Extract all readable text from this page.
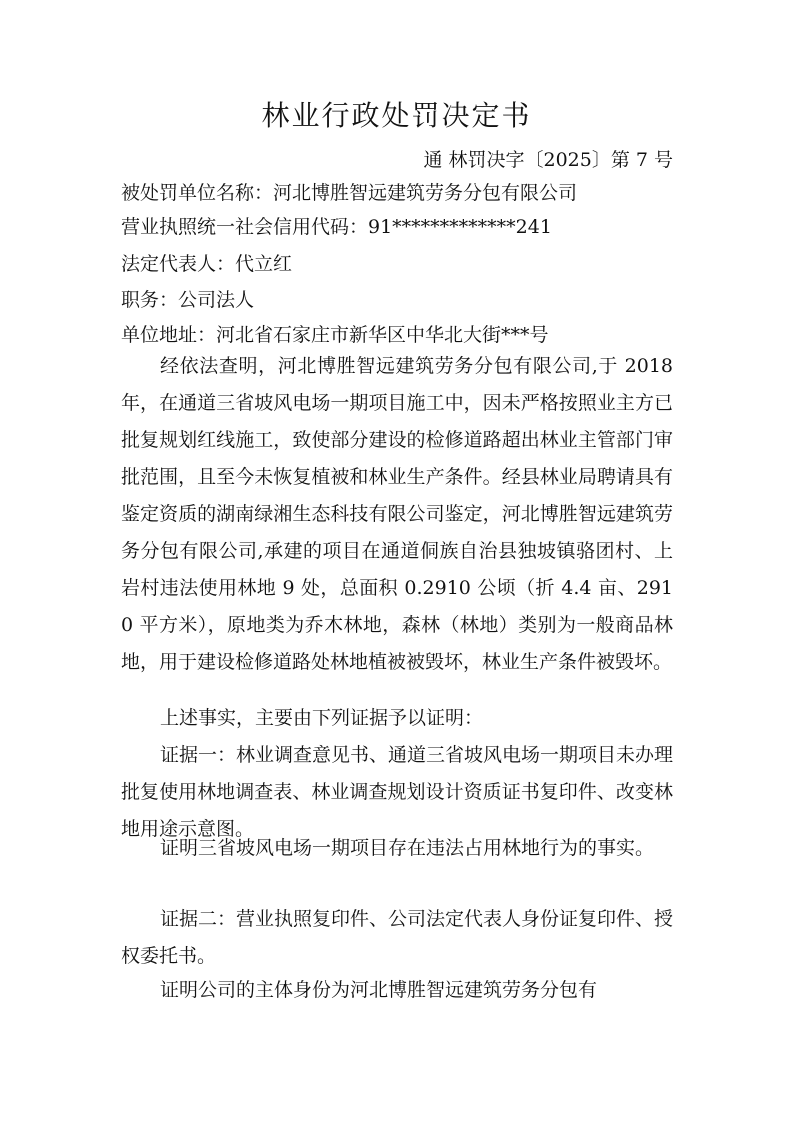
林业行政处罚决定书
通 林罚决字〔2025〕第 7 号
被处罚单位名称：河北博胜智远建筑劳务分包有限公司
营业执照统一社会信用代码：91*************241
法定代表人：代立红
职务：公司法人
单位地址：河北省石家庄市新华区中华北大街***号

经依法查明，河北博胜智远建筑劳务分包有限公司,于 2018 年，在通道三省坡风电场一期项目施工中，因未严格按照业主方已批复规划红线施工，致使部分建设的检修道路超出林业主管部门审批范围，且至今未恢复植被和林业生产条件。经县林业局聘请具有鉴定资质的湖南绿湘生态科技有限公司鉴定，河北博胜智远建筑劳务分包有限公司,承建的项目在通道侗族自治县独坡镇骆团村、上岩村违法使用林地 9 处，总面积 0.2910 公顷（折 4.4 亩、2910 平方米），原地类为乔木林地，森林（林地）类别为一般商品林地，用于建设检修道路处林地植被被毁坏，林业生产条件被毁坏。

上述事实，主要由下列证据予以证明：

证据一：林业调查意见书、通道三省坡风电场一期项目未办理批复使用林地调查表、林业调查规划设计资质证书复印件、改变林地用途示意图。

证明三省坡风电场一期项目存在违法占用林地行为的事实。

证据二：营业执照复印件、公司法定代表人身份证复印件、授权委托书。

证明公司的主体身份为河北博胜智远建筑劳务分包有
